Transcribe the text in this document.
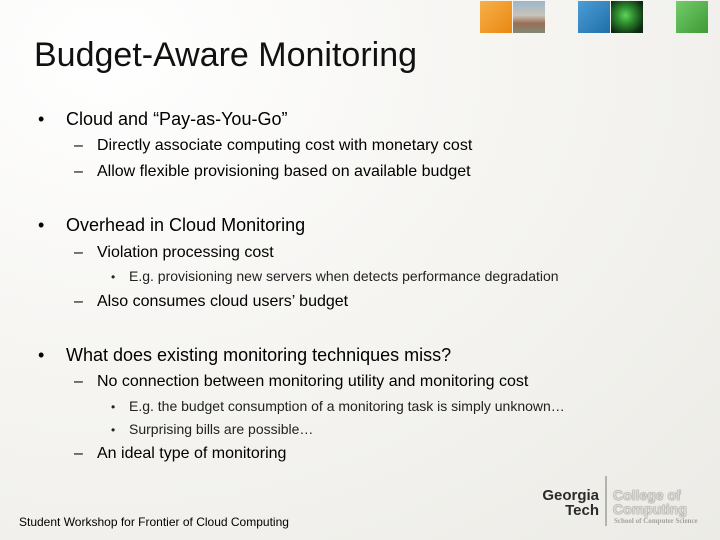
Budget-Aware Monitoring
• Cloud and “Pay-as-You-Go”
– Directly associate computing cost with monetary cost
– Allow flexible provisioning based on available budget
• Overhead in Cloud Monitoring
– Violation processing cost
• E.g. provisioning new servers when detects performance degradation
– Also consumes cloud users’ budget
• What does existing monitoring techniques miss?
– No connection between monitoring utility and monitoring cost
• E.g. the budget consumption of a monitoring task is simply unknown…
• Surprising bills are possible…
– An ideal type of monitoring
Student Workshop for Frontier of Cloud Computing
Georgia
Tech
College of
Computing
School of Computer Science
